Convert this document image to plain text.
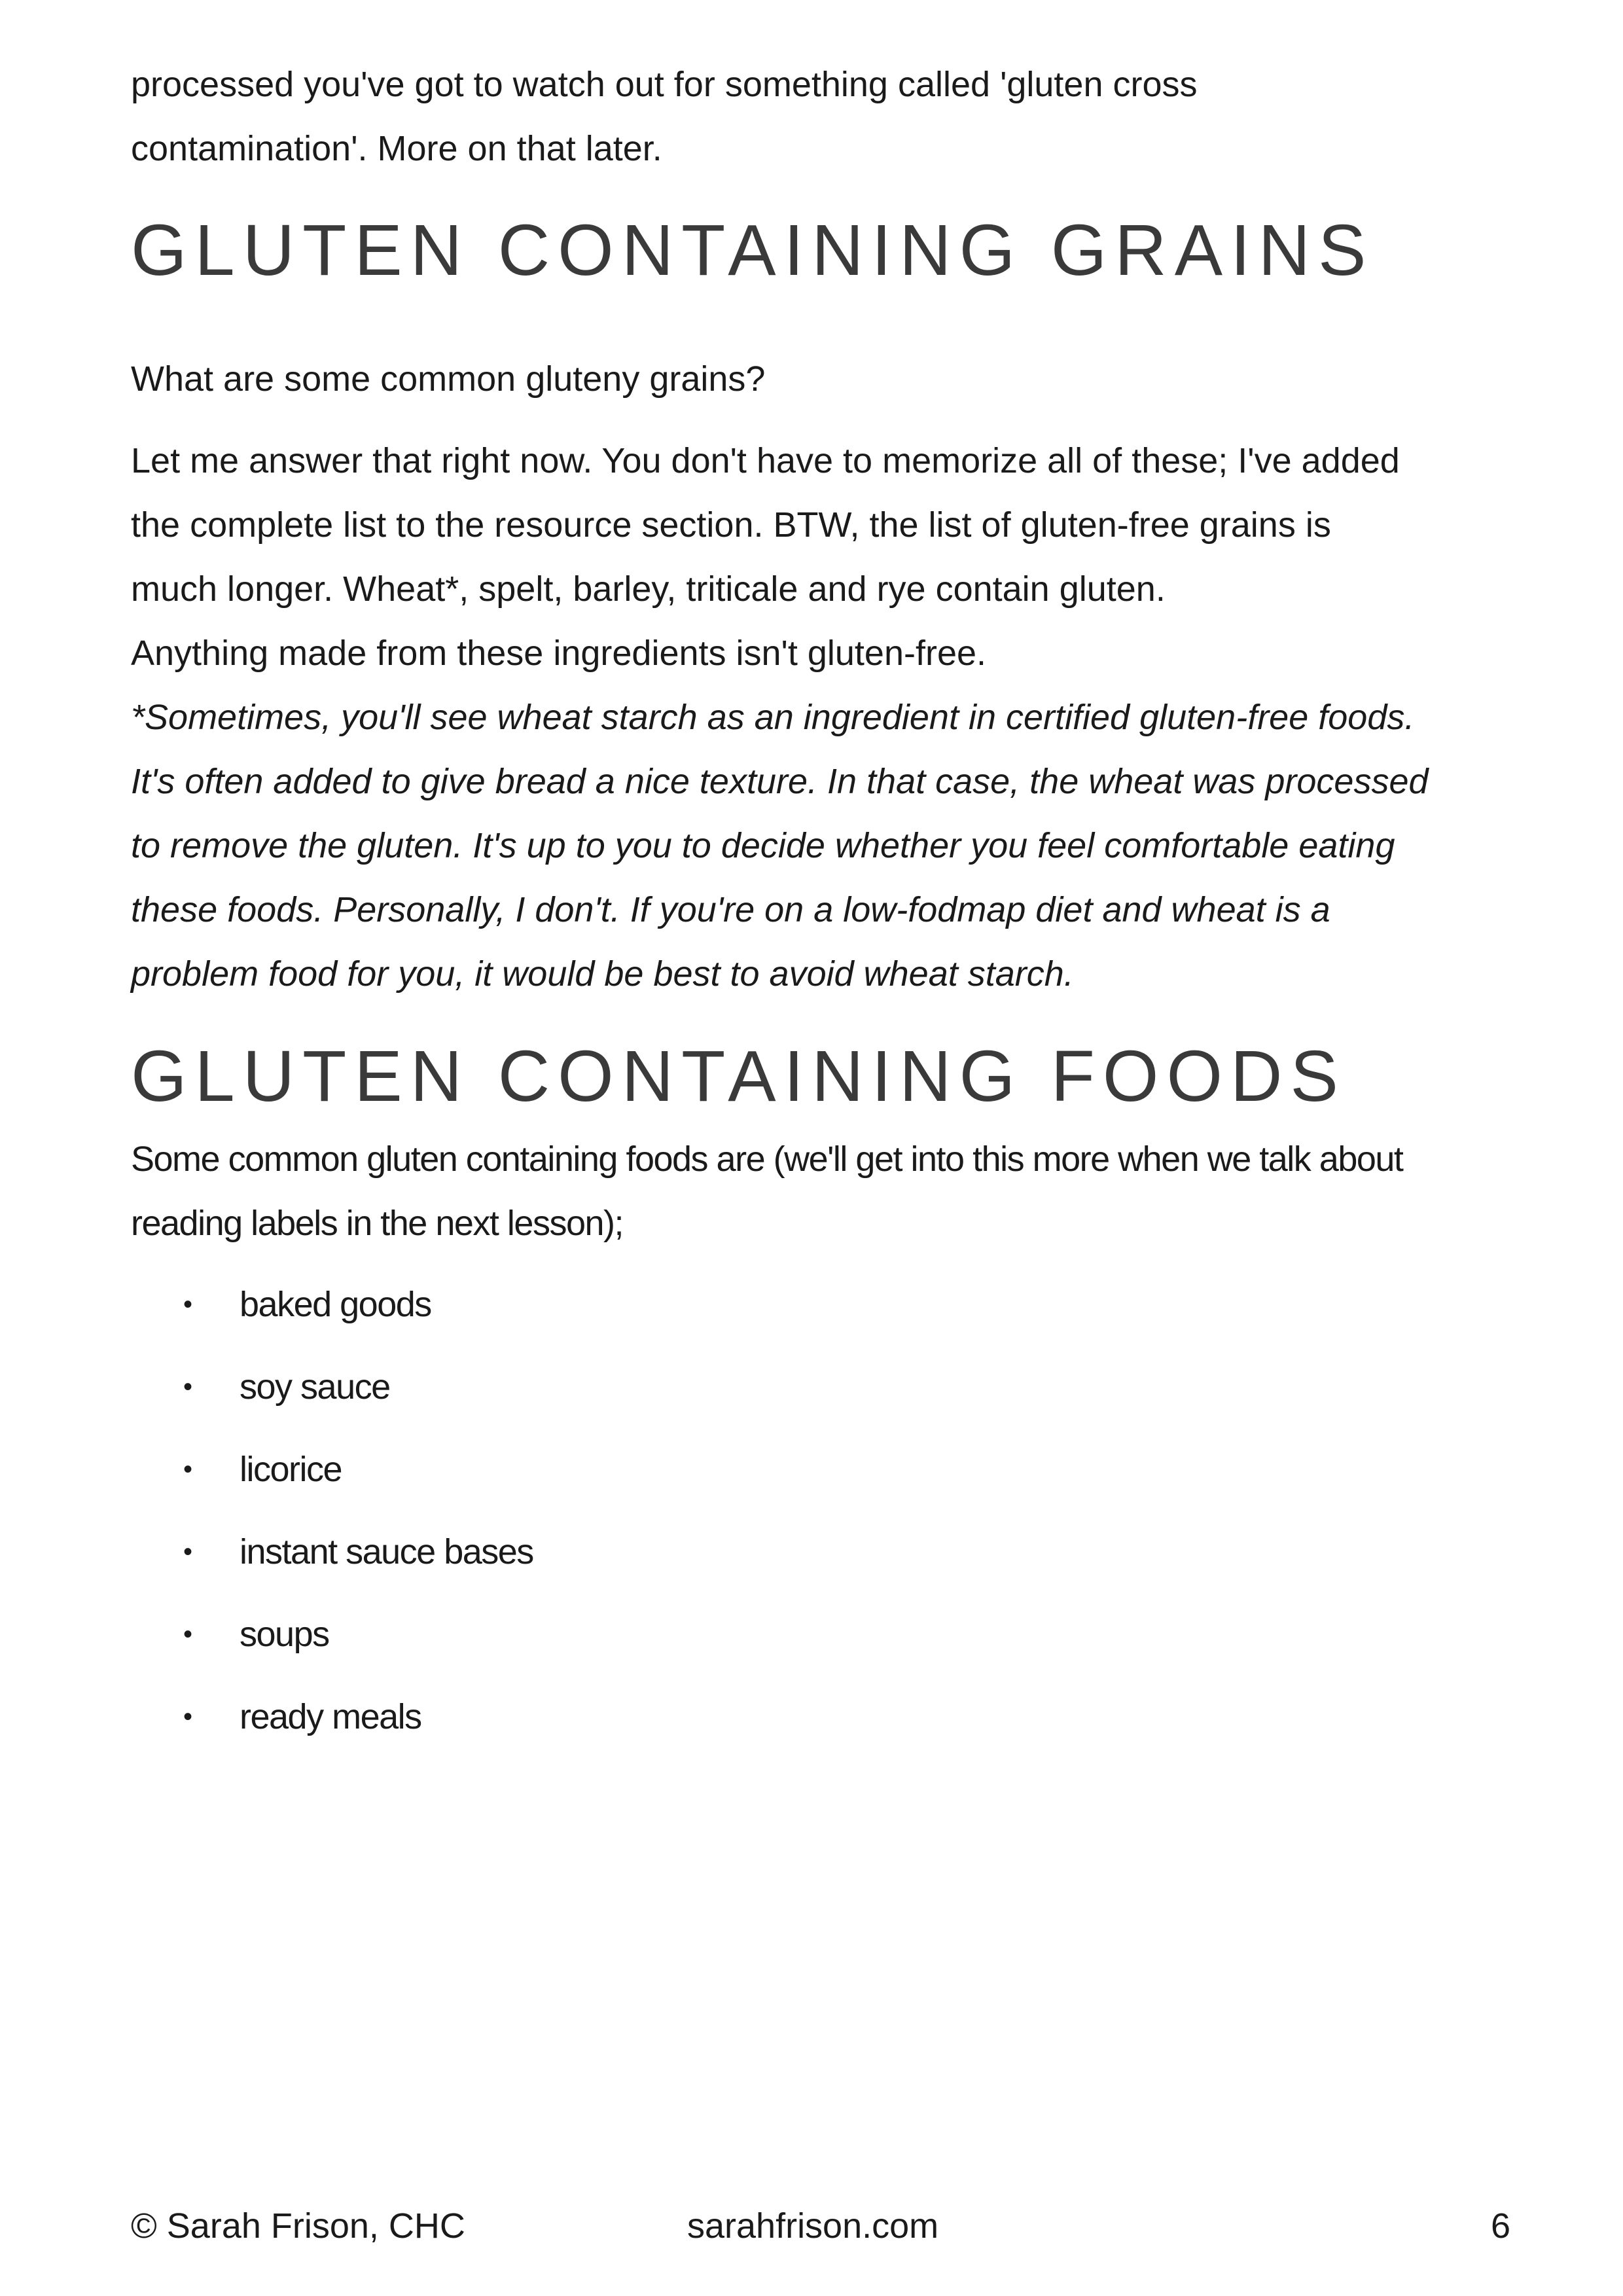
processed you've got to watch out for something called 'gluten cross
contamination'. More on that later.

GLUTEN CONTAINING GRAINS

What are some common gluteny grains?

Let me answer that right now. You don't have to memorize all of these; I've added
the complete list to the resource section. BTW, the list of gluten-free grains is
much longer. Wheat*, spelt, barley, triticale and rye contain gluten.
Anything made from these ingredients isn't gluten-free.

*Sometimes, you'll see wheat starch as an ingredient in certified gluten-free foods.
It's often added to give bread a nice texture. In that case, the wheat was processed
to remove the gluten. It's up to you to decide whether you feel comfortable eating
these foods. Personally, I don't. If you're on a low-fodmap diet and wheat is a
problem food for you, it would be best to avoid wheat starch.

GLUTEN CONTAINING FOODS

Some common gluten containing foods are (we'll get into this more when we talk about
reading labels in the next lesson);

• baked goods
• soy sauce
• licorice
• instant sauce bases
• soups
• ready meals
© Sarah Frison, CHC	sarahfrison.com	6
